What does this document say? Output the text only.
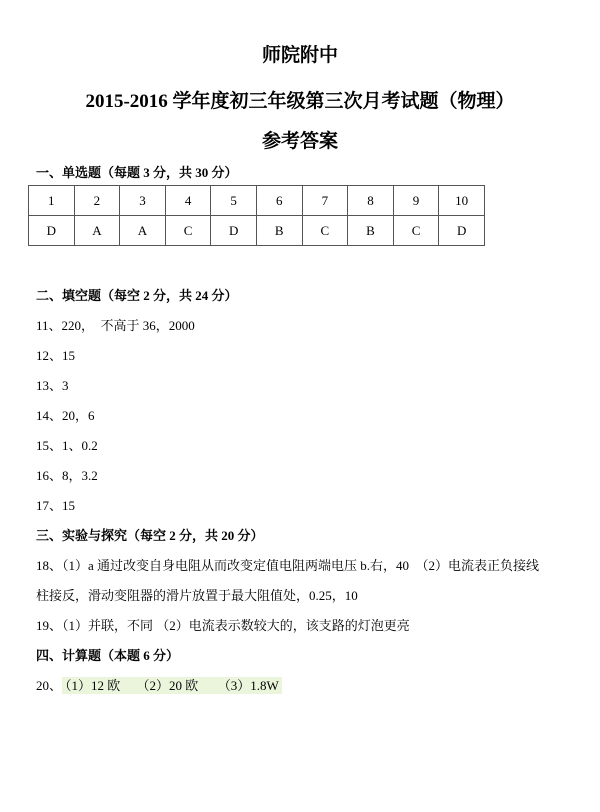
师院附中
2015-2016 学年度初三年级第三次月考试题（物理）
参考答案
一、单选题（每题 3 分，共 30 分）
1	2	3	4	5	6	7	8	9	10
D	A	A	C	D	B	C	B	C	D
二、填空题（每空 2 分，共 24 分）
11、220，　不高于 36，2000
12、15
13、3
14、20，6
15、1、0.2
16、8，3.2
17、15
三、实验与探究（每空 2 分，共 20 分）
18、（1）a 通过改变自身电阻从而改变定值电阻两端电压 b.右，40　（2）电流表正负接线
柱接反，滑动变阻器的滑片放置于最大阻值处，0.25，10
19、（1）并联，不同 （2）电流表示数较大的，该支路的灯泡更亮
四、计算题（本题 6 分）
20、 （1）12 欧　 （2）20 欧　　（3）1.8W
